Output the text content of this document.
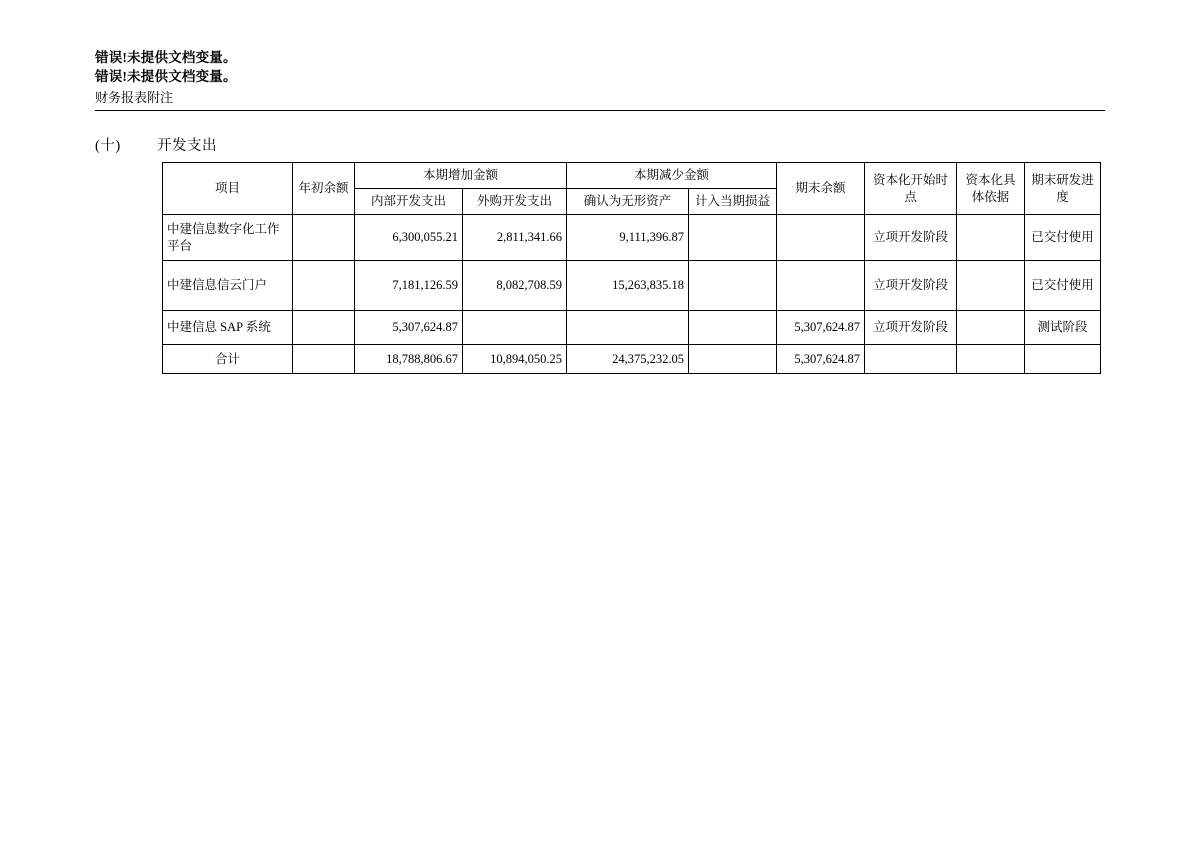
错误!未提供文档变量。
错误!未提供文档变量。
财务报表附注
(十)	开发支出
项目	年初余额	本期增加金额		本期减少金额		期末余额	资本化开始时点	资本化具体依据	期末研发进度
		内部开发支出	外购开发支出	确认为无形资产	计入当期损益				
中建信息数字化工作平台		6,300,055.21	2,811,341.66	9,111,396.87			立项开发阶段		已交付使用
中建信息信云门户		7,181,126.59	8,082,708.59	15,263,835.18			立项开发阶段		已交付使用
中建信息 SAP 系统		5,307,624.87				5,307,624.87	立项开发阶段		测试阶段
合计		18,788,806.67	10,894,050.25	24,375,232.05		5,307,624.87			
